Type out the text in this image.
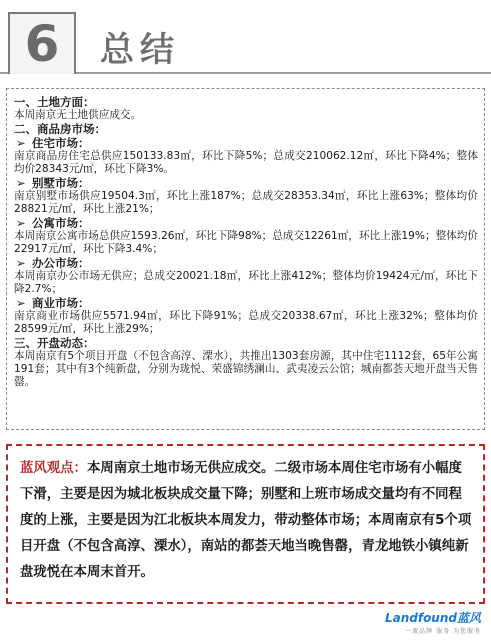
6	总结
一、土地方面：
本周南京无土地供应成交。
二、商品房市场：
➢ 住宅市场：
南京商品房住宅总供应150133.83㎡，环比下降5%；总成交210062.12㎡，环比下降4%；整体均价28343元/㎡，环比下降3%。
➢ 别墅市场：
南京别墅市场供应19504.3㎡，环比上涨187%；总成交28353.34㎡，环比上涨63%；整体均价28821元/㎡，环比上涨21%；
➢ 公寓市场：
本周南京公寓市场总供应1593.26㎡，环比下降98%；总成交12261㎡，环比上涨19%；整体均价22917元/㎡，环比下降3.4%；
➢ 办公市场：
本周南京办公市场无供应；总成交20021.18㎡，环比上涨412%；整体均价19424元/㎡，环比下降2.7%；
➢ 商业市场：
南京商业市场供应5571.94㎡，环比下降91%；总成交20338.67㎡，环比上涨32%；整体均价28599元/㎡，环比上涨29%；
三、开盘动态：
本周南京有5个项目开盘（不包含高淳、溧水），共推出1303套房源，其中住宅1112套，65年公寓191套；其中有3个纯新盘，分别为珑悦、荣盛锦绣澜山、武夷凌云公馆；城南都荟天地开盘当天售罄。
蓝风观点：本周南京土地市场无供应成交。二级市场本周住宅市场有小幅度下滑，主要是因为城北板块成交量下降；别墅和上班市场成交量均有不同程度的上涨，主要是因为江北板块本周发力，带动整体市场；本周南京有5个项目开盘（不包含高淳、溧水），南站的都荟天地当晚售罄，青龙地铁小镇纯新盘珑悦在本周末首开。
Landfound蓝风
一流品牌 服务 为您服务
